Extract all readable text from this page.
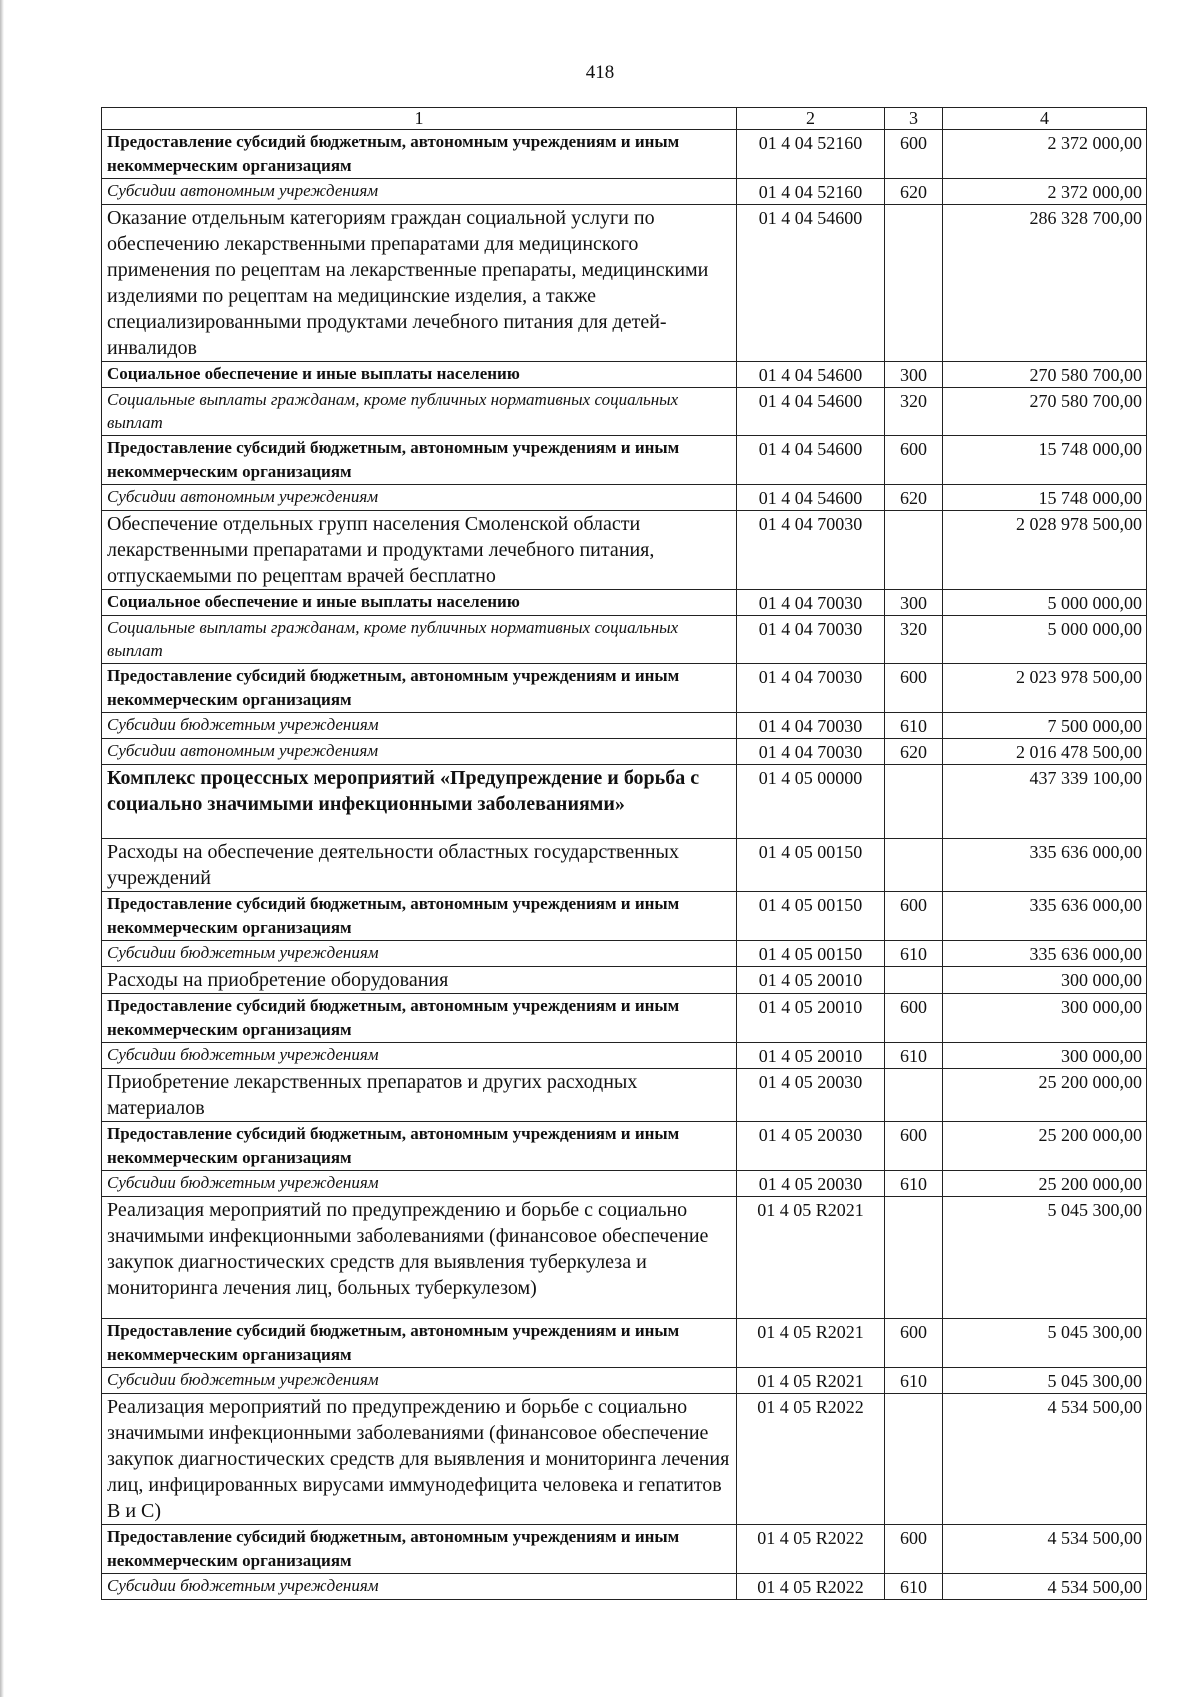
418
1	2	3	4
Предоставление субсидий бюджетным, автономным учреждениям и иным некоммерческим организациям	01 4 04 52160	600	2 372 000,00
Субсидии автономным учреждениям	01 4 04 52160	620	2 372 000,00
Оказание отдельным категориям граждан социальной услуги по обеспечению лекарственными препаратами для медицинского применения по рецептам на лекарственные препараты, медицинскими изделиями по рецептам на медицинские изделия, а также специализированными продуктами лечебного питания для детей-инвалидов	01 4 04 54600		286 328 700,00
Социальное обеспечение и иные выплаты населению	01 4 04 54600	300	270 580 700,00
Социальные выплаты гражданам, кроме публичных нормативных социальных выплат	01 4 04 54600	320	270 580 700,00
Предоставление субсидий бюджетным, автономным учреждениям и иным некоммерческим организациям	01 4 04 54600	600	15 748 000,00
Субсидии автономным учреждениям	01 4 04 54600	620	15 748 000,00
Обеспечение отдельных групп населения Смоленской области лекарственными препаратами и продуктами лечебного питания, отпускаемыми по рецептам врачей бесплатно	01 4 04 70030		2 028 978 500,00
Социальное обеспечение и иные выплаты населению	01 4 04 70030	300	5 000 000,00
Социальные выплаты гражданам, кроме публичных нормативных социальных выплат	01 4 04 70030	320	5 000 000,00
Предоставление субсидий бюджетным, автономным учреждениям и иным некоммерческим организациям	01 4 04 70030	600	2 023 978 500,00
Субсидии бюджетным учреждениям	01 4 04 70030	610	7 500 000,00
Субсидии автономным учреждениям	01 4 04 70030	620	2 016 478 500,00
Комплекс процессных мероприятий «Предупреждение и борьба с социально значимыми инфекционными заболеваниями»	01 4 05 00000		437 339 100,00
Расходы на обеспечение деятельности областных государственных учреждений	01 4 05 00150		335 636 000,00
Предоставление субсидий бюджетным, автономным учреждениям и иным некоммерческим организациям	01 4 05 00150	600	335 636 000,00
Субсидии бюджетным учреждениям	01 4 05 00150	610	335 636 000,00
Расходы на приобретение оборудования	01 4 05 20010		300 000,00
Предоставление субсидий бюджетным, автономным учреждениям и иным некоммерческим организациям	01 4 05 20010	600	300 000,00
Субсидии бюджетным учреждениям	01 4 05 20010	610	300 000,00
Приобретение лекарственных препаратов и других расходных материалов	01 4 05 20030		25 200 000,00
Предоставление субсидий бюджетным, автономным учреждениям и иным некоммерческим организациям	01 4 05 20030	600	25 200 000,00
Субсидии бюджетным учреждениям	01 4 05 20030	610	25 200 000,00
Реализация мероприятий по предупреждению и борьбе с социально значимыми инфекционными заболеваниями (финансовое обеспечение закупок диагностических средств для выявления туберкулеза и мониторинга лечения лиц, больных туберкулезом)	01 4 05 R2021		5 045 300,00
Предоставление субсидий бюджетным, автономным учреждениям и иным некоммерческим организациям	01 4 05 R2021	600	5 045 300,00
Субсидии бюджетным учреждениям	01 4 05 R2021	610	5 045 300,00
Реализация мероприятий по предупреждению и борьбе с социально значимыми инфекционными заболеваниями (финансовое обеспечение закупок диагностических средств для выявления и мониторинга лечения лиц, инфицированных вирусами иммунодефицита человека и гепатитов В и С)	01 4 05 R2022		4 534 500,00
Предоставление субсидий бюджетным, автономным учреждениям и иным некоммерческим организациям	01 4 05 R2022	600	4 534 500,00
Субсидии бюджетным учреждениям	01 4 05 R2022	610	4 534 500,00
